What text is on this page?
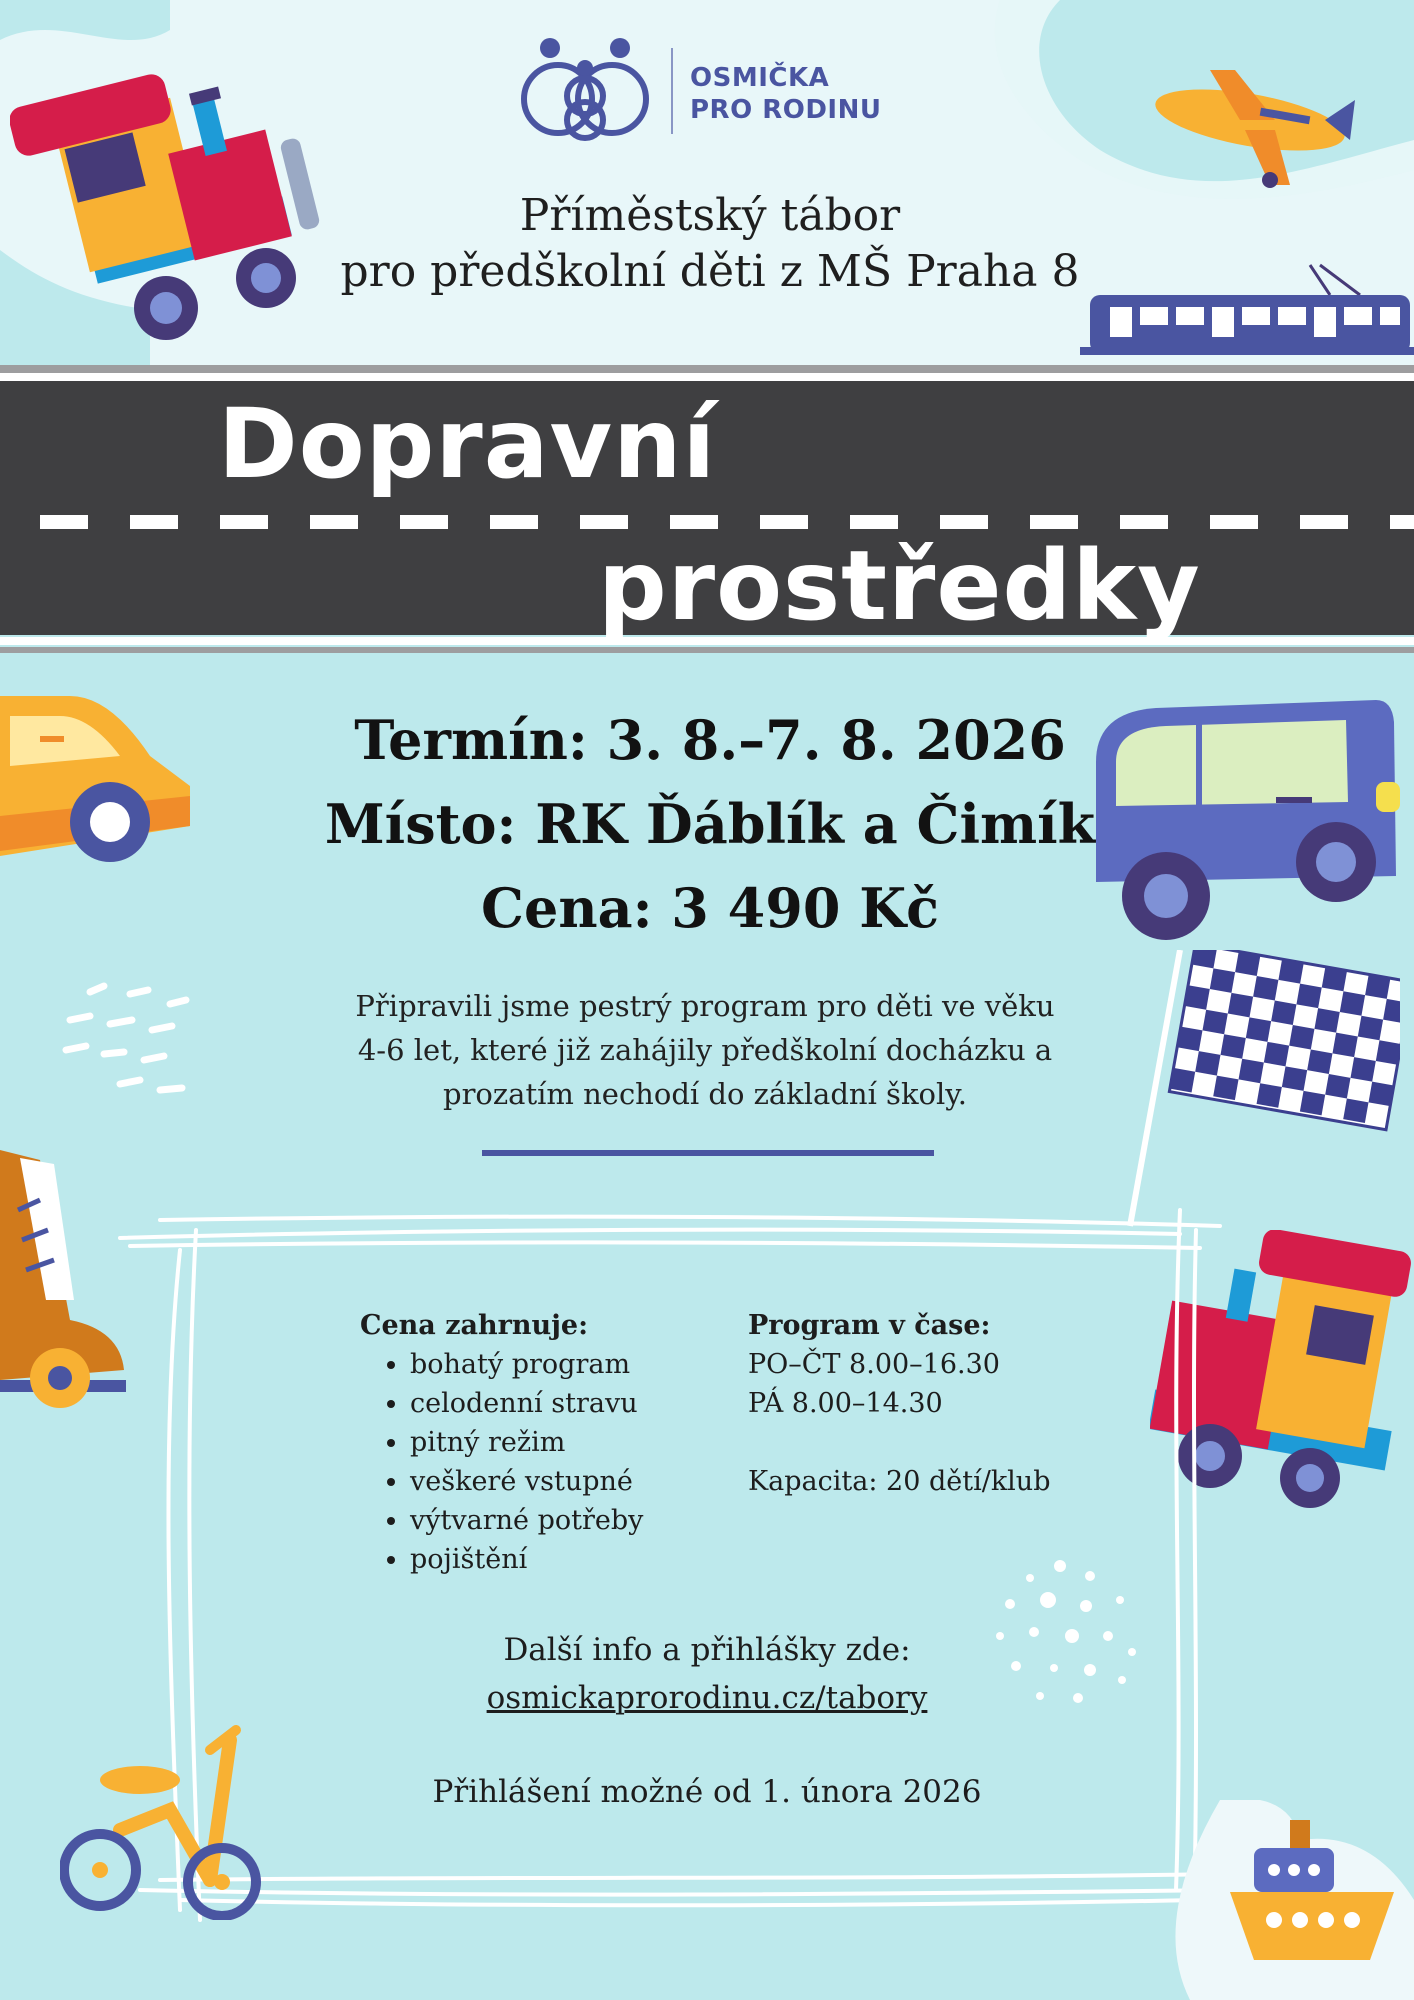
OSMIČKA
PRO RODINU
Příměstský tábor
pro předškolní děti z MŠ Praha 8
Dopravní
prostředky
Termín: 3. 8.–7. 8. 2026
Místo: RK Ďáblík a Čimík
Cena: 3 490 Kč
Připravili jsme pestrý program pro děti ve věku
4-6 let, které již zahájily předškolní docházku a
prozatím nechodí do základní školy.
Cena zahrnuje:
• bohatý program
• celodenní stravu
• pitný režim
• veškeré vstupné
• výtvarné potřeby
• pojištění
Program v čase:
PO–ČT 8.00–16.30
PÁ 8.00–14.30
Kapacita: 20 dětí/klub
Další info a přihlášky zde:
osmickaprorodinu.cz/tabory
Přihlášení možné od 1. února 2026
